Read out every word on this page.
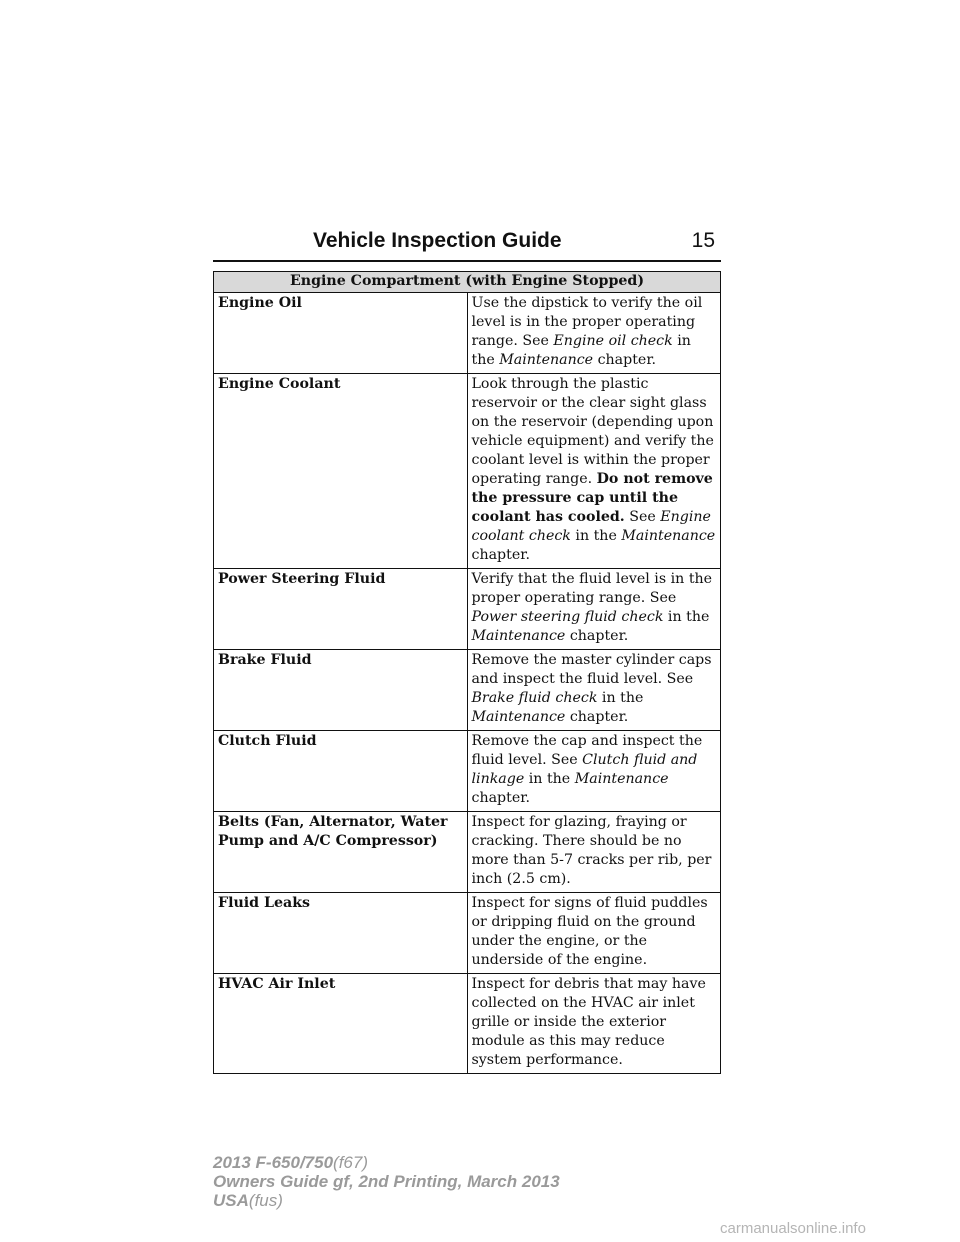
Vehicle Inspection Guide	15
Engine Compartment (with Engine Stopped)	
Engine Oil	Use the dipstick to verify the oil level is in the proper operating range. See Engine oil check in the Maintenance chapter.
Engine Coolant	Look through the plastic reservoir or the clear sight glass on the reservoir (depending upon vehicle equipment) and verify the coolant level is within the proper operating range. Do not remove the pressure cap until the coolant has cooled. See Engine coolant check in the Maintenance chapter.
Power Steering Fluid	Verify that the fluid level is in the proper operating range. See Power steering fluid check in the Maintenance chapter.
Brake Fluid	Remove the master cylinder caps and inspect the fluid level. See Brake fluid check in the Maintenance chapter.
Clutch Fluid	Remove the cap and inspect the fluid level. See Clutch fluid and linkage in the Maintenance chapter.
Belts (Fan, Alternator, Water Pump and A/C Compressor)	Inspect for glazing, fraying or cracking. There should be no more than 5-7 cracks per rib, per inch (2.5 cm).
Fluid Leaks	Inspect for signs of fluid puddles or dripping fluid on the ground under the engine, or the underside of the engine.
HVAC Air Inlet	Inspect for debris that may have collected on the HVAC air inlet grille or inside the exterior module as this may reduce system performance.
2013 F-650/750(f67)
Owners Guide gf, 2nd Printing, March 2013
USA(fus)
carmanualsonline.info
